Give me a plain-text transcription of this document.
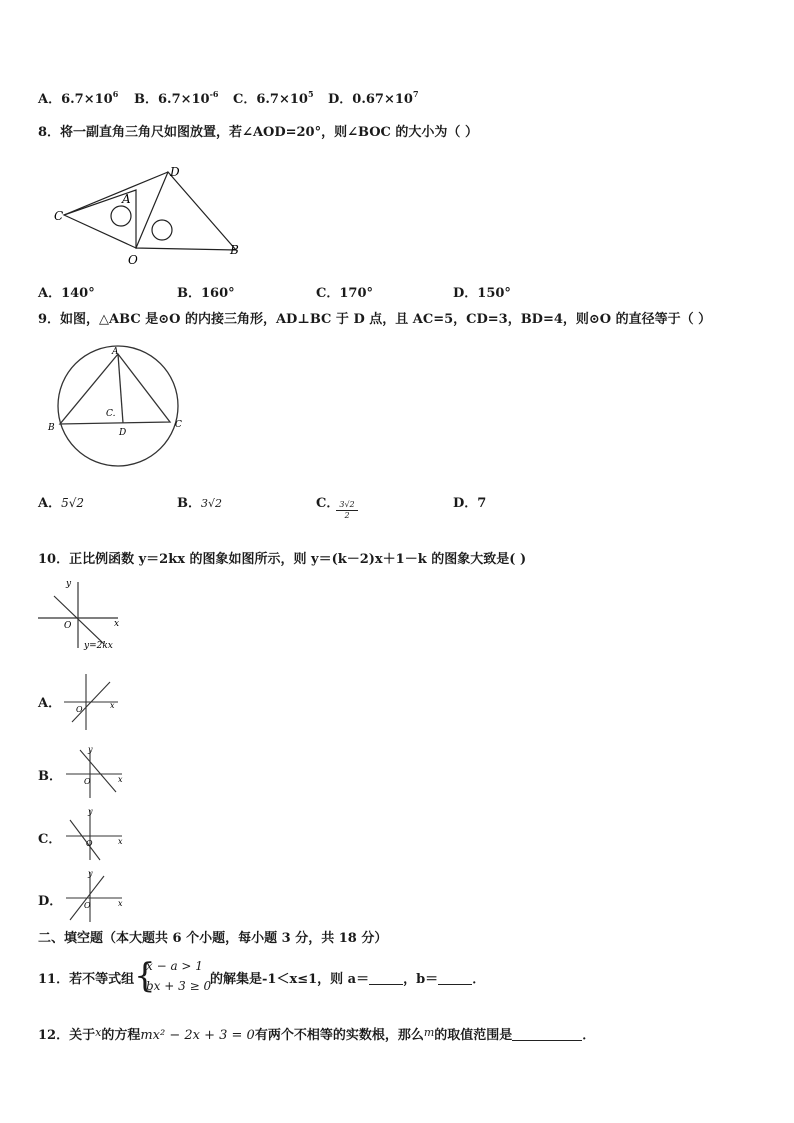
A．$6.7\times 10^6$ B．$6.7\times 10^{-6}$ C．$6.7\times 10^5$ D．$0.67\times 10^7$
8．将一副直角三角尺如图放置，若∠AOD=20°，则∠BOC 的大小为（ ）
C
A
D
O
B
A．140°	B．160°	C．170°	D．150°
9．如图，△ABC 是⊙O 的内接三角形，AD⊥BC 于 D 点，且 AC=5，CD=3，BD=4，则⊙O 的直径等于（ ）
A
B	C
D
C.
A．5√2	B．3√2	C． 3√2
2
D．7
10．正比例函数 y＝2kx 的图象如图所示，则 y＝(k－2)x＋1－k 的图象大致是( )
y
x
O
y=2kx
A． O	x
B．
y
O	x
C．
y
O	x
D．
y
O	x
二、填空题（本大题共 6 个小题，每小题 3 分，共 18 分）
11．若不等式组 {
x − a > 1
bx + 3 ≥ 0
的解集是-1＜x≤1，则 a＝	，b＝	．
12．关于$^x$的方程mx² − 2x + 3 = 0有两个不相等的实数根，那么$^m$的取值范围是	．
